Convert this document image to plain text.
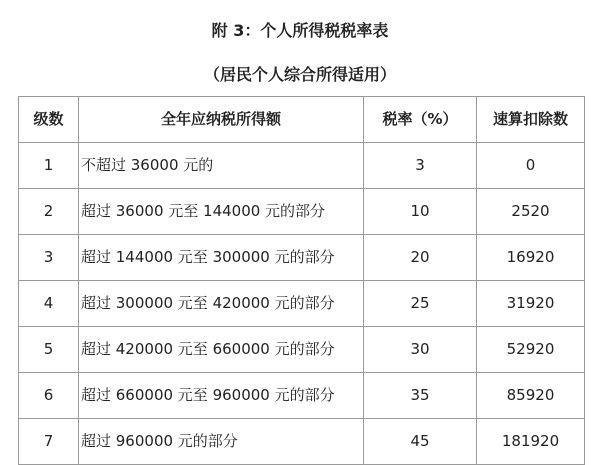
附 3：个人所得税税率表
（居民个人综合所得适用）
级数	全年应纳税所得额	税率（%）	速算扣除数
1	不超过 36000 元的	3	0
2	超过 36000 元至 144000 元的部分	10	2520
3	超过 144000 元至 300000 元的部分	20	16920
4	超过 300000 元至 420000 元的部分	25	31920
5	超过 420000 元至 660000 元的部分	30	52920
6	超过 660000 元至 960000 元的部分	35	85920
7	超过 960000 元的部分	45	181920
